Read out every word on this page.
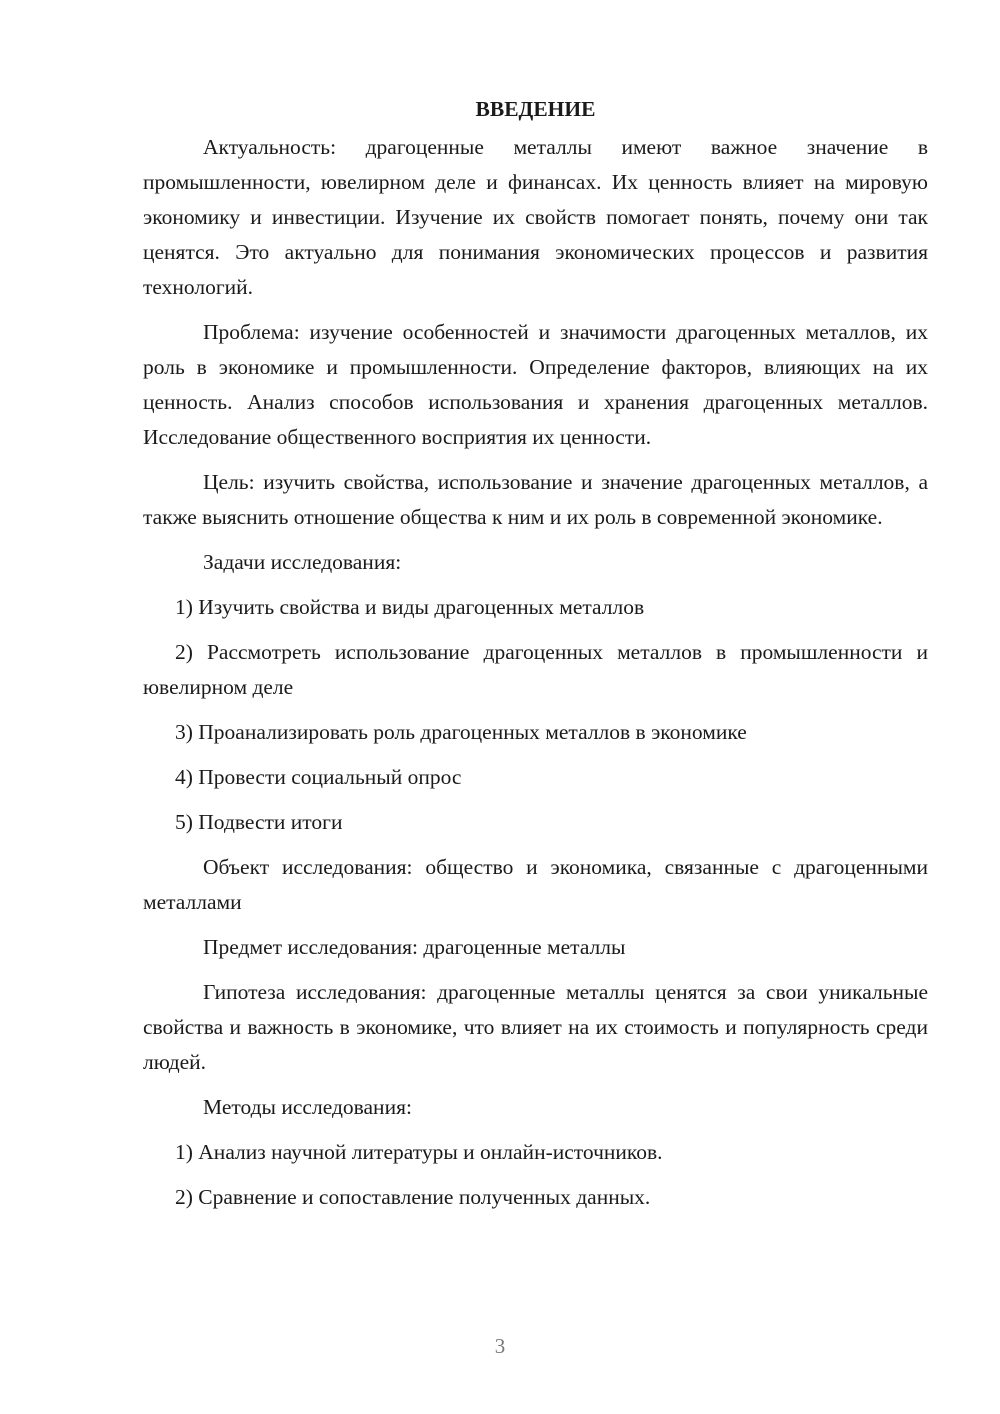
ВВЕДЕНИЕ

Актуальность: драгоценные металлы имеют важное значение в промышленности, ювелирном деле и финансах. Их ценность влияет на мировую экономику и инвестиции. Изучение их свойств помогает понять, почему они так ценятся. Это актуально для понимания экономических процессов и развития технологий.

Проблема: изучение особенностей и значимости драгоценных металлов, их роль в экономике и промышленности. Определение факторов, влияющих на их ценность. Анализ способов использования и хранения драгоценных металлов. Исследование общественного восприятия их ценности.

Цель: изучить свойства, использование и значение драгоценных металлов, а также выяснить отношение общества к ним и их роль в современной экономике.

Задачи исследования:

1) Изучить свойства и виды драгоценных металлов

2) Рассмотреть использование драгоценных металлов в промышленности и ювелирном деле

3) Проанализировать роль драгоценных металлов в экономике

4) Провести социальный опрос

5) Подвести итоги

Объект исследования: общество и экономика, связанные с драгоценными металлами

Предмет исследования: драгоценные металлы

Гипотеза исследования: драгоценные металлы ценятся за свои уникальные свойства и важность в экономике, что влияет на их стоимость и популярность среди людей.

Методы исследования:

1) Анализ научной литературы и онлайн-источников.

2) Сравнение и сопоставление полученных данных.

3
